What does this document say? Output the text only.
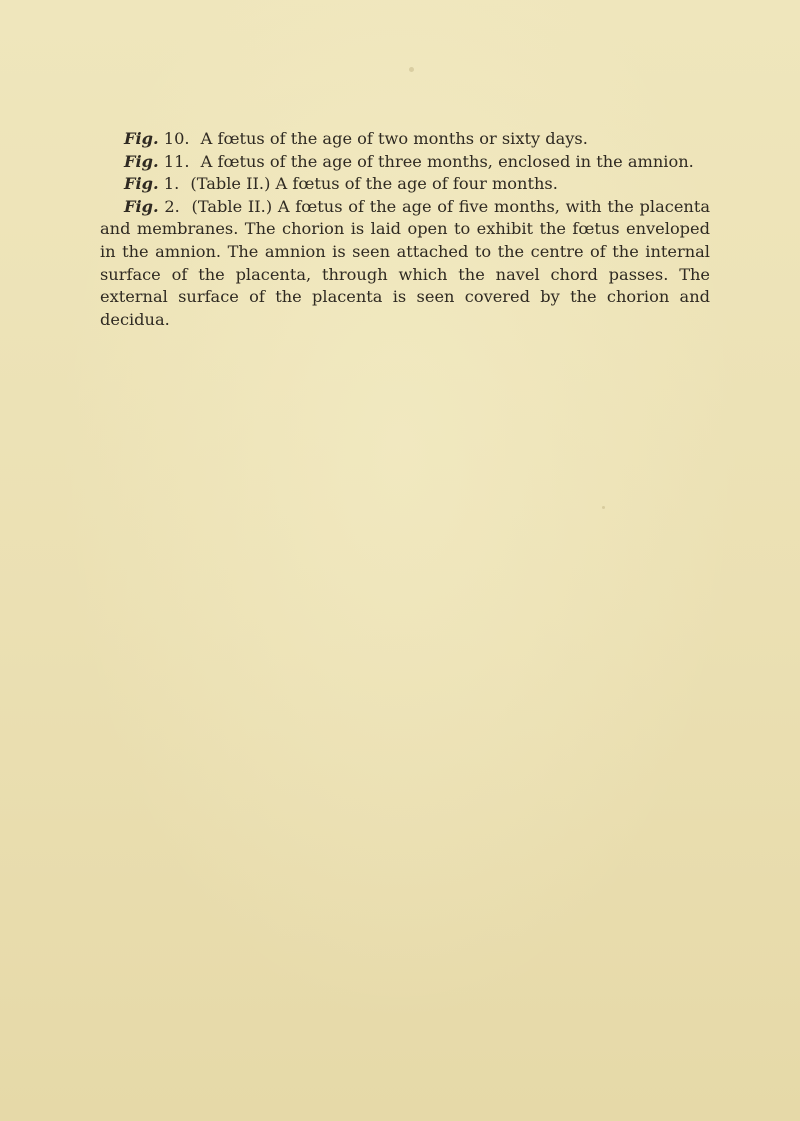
Fig. 10. A fœtus of the age of two months or sixty days.

Fig. 11. A fœtus of the age of three months, enclosed in the amnion.

Fig. 1. (Table II.) A fœtus of the age of four months.

Fig. 2. (Table II.) A fœtus of the age of five months, with the placenta and membranes. The chorion is laid open to exhibit the fœtus enveloped in the amnion. The amnion is seen attached to the centre of the internal surface of the placenta, through which the navel chord passes. The external surface of the placenta is seen covered by the chorion and decidua.
